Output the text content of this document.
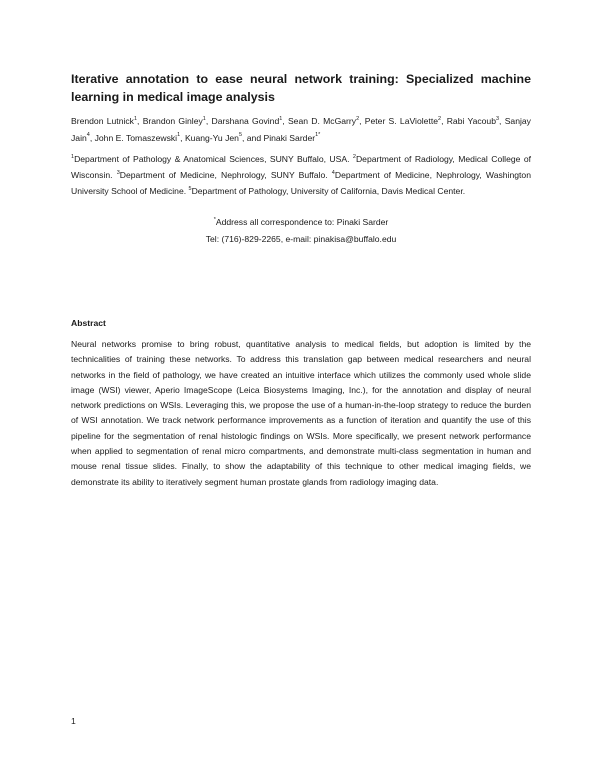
Iterative annotation to ease neural network training: Specialized machine learning in medical image analysis

Brendon Lutnick$^1$, Brandon Ginley$^1$, Darshana Govind$^1$, Sean D. McGarry$^2$, Peter S. LaViolette$^2$, Rabi Yacoub$^3$, Sanjay Jain$^4$, John E. Tomaszewski$^1$, Kuang-Yu Jen$^5$, and Pinaki Sarder$^{1*}$

$^1$Department of Pathology & Anatomical Sciences, SUNY Buffalo, USA. $^2$Department of Radiology, Medical College of Wisconsin. $^3$Department of Medicine, Nephrology, SUNY Buffalo. $^4$Department of Medicine, Nephrology, Washington University School of Medicine. $^5$Department of Pathology, University of California, Davis Medical Center.

*Address all correspondence to: Pinaki Sarder
Tel: (716)-829-2265, e-mail: pinakisa@buffalo.edu
Abstract

Neural networks promise to bring robust, quantitative analysis to medical fields, but adoption is limited by the technicalities of training these networks. To address this translation gap between medical researchers and neural networks in the field of pathology, we have created an intuitive interface which utilizes the commonly used whole slide image (WSI) viewer, Aperio ImageScope (Leica Biosystems Imaging, Inc.), for the annotation and display of neural network predictions on WSIs. Leveraging this, we propose the use of a human-in-the-loop strategy to reduce the burden of WSI annotation. We track network performance improvements as a function of iteration and quantify the use of this pipeline for the segmentation of renal histologic findings on WSIs. More specifically, we present network performance when applied to segmentation of renal micro compartments, and demonstrate multi-class segmentation in human and mouse renal tissue slides. Finally, to show the adaptability of this technique to other medical imaging fields, we demonstrate its ability to iteratively segment human prostate glands from radiology imaging data.

1
